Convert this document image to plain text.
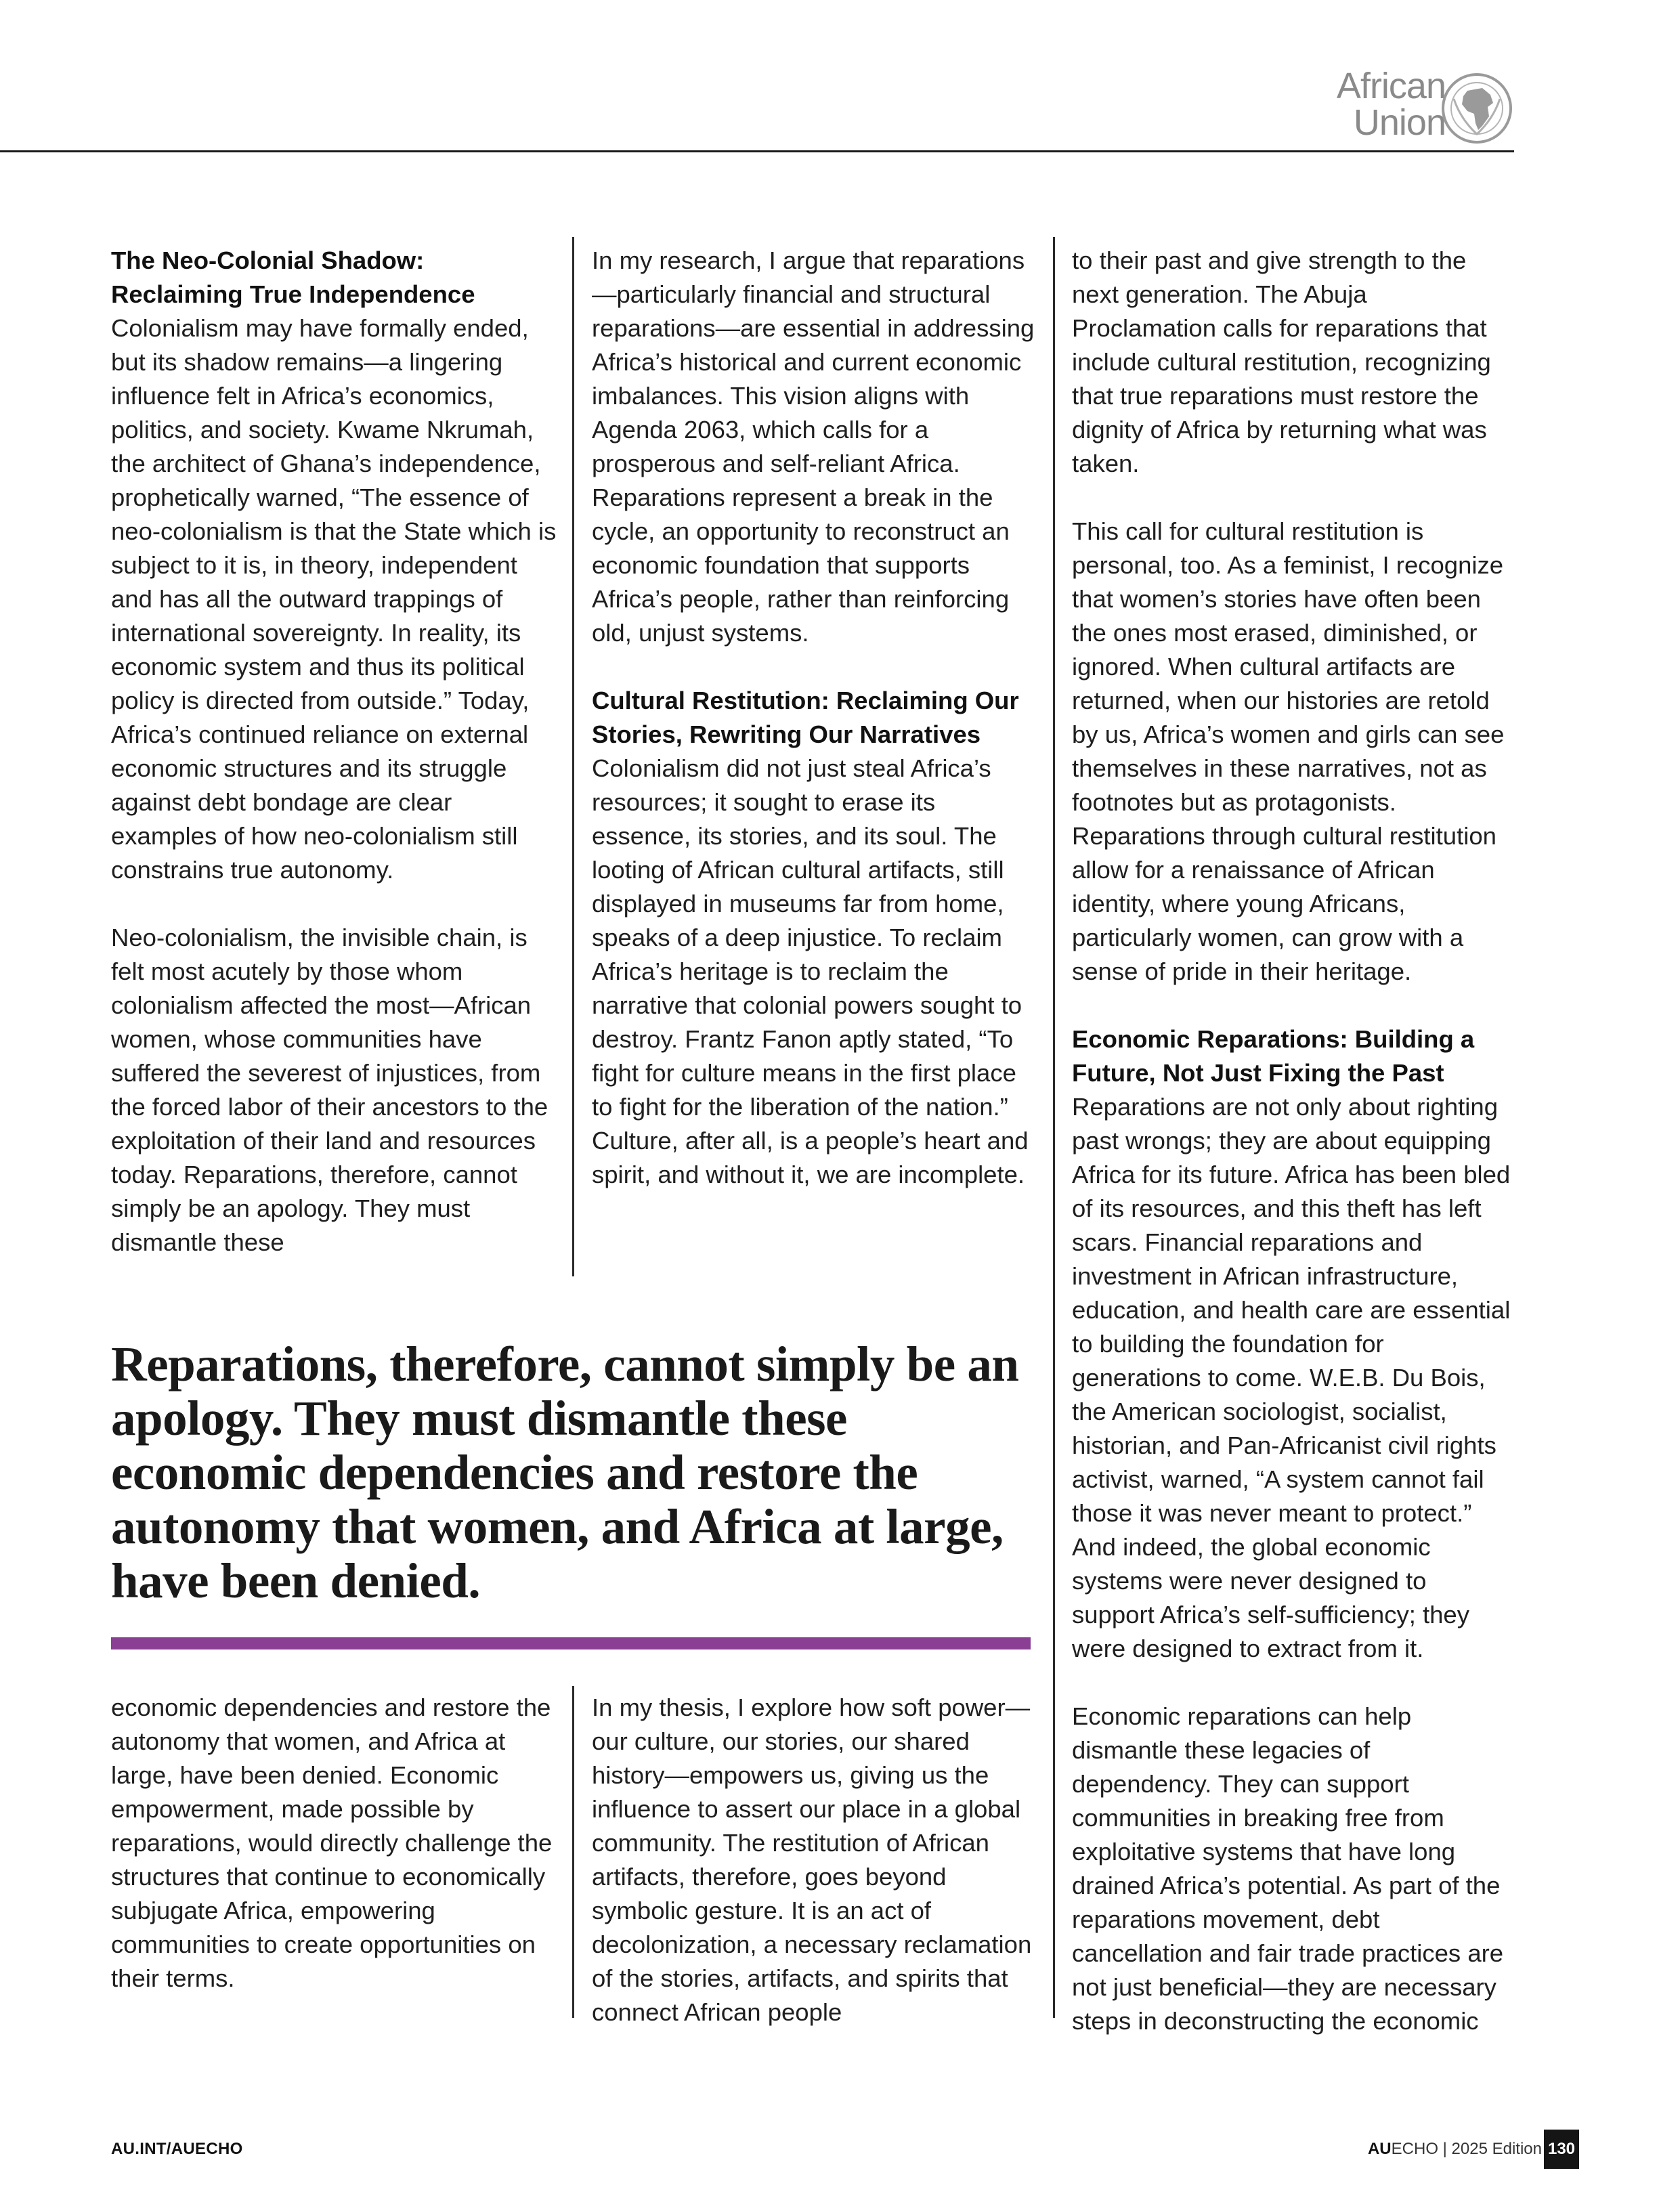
African
Union
The Neo-Colonial Shadow:
Reclaiming True Independence

Colonialism may have formally ended, but its shadow remains—a lingering influence felt in Africa’s economics, politics, and society. Kwame Nkrumah, the architect of Ghana’s independence, prophetically warned, “The essence of neo-colonialism is that the State which is subject to it is, in theory, independent and has all the outward trappings of international sovereignty. In reality, its economic system and thus its political policy is directed from outside.” Today, Africa’s continued reliance on external economic structures and its struggle against debt bondage are clear examples of how neo-colonialism still constrains true autonomy.

Neo-colonialism, the invisible chain, is felt most acutely by those whom colonialism affected the most—African women, whose communities have suffered the severest of injustices, from the forced labor of their ancestors to the exploitation of their land and resources today. Reparations, therefore, cannot simply be an apology. They must dismantle these

In my research, I argue that reparations—particularly financial and structural reparations—are essential in addressing Africa’s historical and current economic imbalances. This vision aligns with Agenda 2063, which calls for a prosperous and self-reliant Africa. Reparations represent a break in the cycle, an opportunity to reconstruct an economic foundation that supports Africa’s people, rather than reinforcing old, unjust systems.

Cultural Restitution: Reclaiming Our
Stories, Rewriting Our Narratives

Colonialism did not just steal Africa’s resources; it sought to erase its essence, its stories, and its soul. The looting of African cultural artifacts, still displayed in museums far from home, speaks of a deep injustice. To reclaim Africa’s heritage is to reclaim the narrative that colonial powers sought to destroy. Frantz Fanon aptly stated, “To fight for culture means in the first place to fight for the liberation of the nation.” Culture, after all, is a people’s heart and spirit, and without it, we are incomplete.

to their past and give strength to the next generation. The Abuja Proclamation calls for reparations that include cultural restitution, recognizing that true reparations must restore the dignity of Africa by returning what was taken.

This call for cultural restitution is personal, too. As a feminist, I recognize that women’s stories have often been the ones most erased, diminished, or ignored. When cultural artifacts are returned, when our histories are retold by us, Africa’s women and girls can see themselves in these narratives, not as footnotes but as protagonists. Reparations through cultural restitution allow for a renaissance of African identity, where young Africans, particularly women, can grow with a sense of pride in their heritage.

Economic Reparations: Building a
Future, Not Just Fixing the Past

Reparations are not only about righting past wrongs; they are about equipping Africa for its future. Africa has been bled of its resources, and this theft has left scars. Financial reparations and investment in African infrastructure, education, and health care are essential to building the foundation for generations to come. W.E.B. Du Bois, the American sociologist, socialist, historian, and Pan-Africanist civil rights activist, warned, “A system cannot fail those it was never meant to protect.” And indeed, the global economic systems were never designed to support Africa’s self-sufficiency; they were designed to extract from it.

Economic reparations can help dismantle these legacies of dependency. They can support communities in breaking free from exploitative systems that have long drained Africa’s potential. As part of the reparations movement, debt cancellation and fair trade practices are not just beneficial—they are necessary steps in deconstructing the economic

Reparations, therefore, cannot simply be an apology. They must dismantle these economic dependencies and restore the autonomy that women, and Africa at large, have been denied.

economic dependencies and restore the autonomy that women, and Africa at large, have been denied. Economic empowerment, made possible by reparations, would directly challenge the structures that continue to economically subjugate Africa, empowering communities to create opportunities on their terms.

In my thesis, I explore how soft power—our culture, our stories, our shared history—empowers us, giving us the influence to assert our place in a global community. The restitution of African artifacts, therefore, goes beyond symbolic gesture. It is an act of decolonization, a necessary reclamation of the stories, artifacts, and spirits that connect African people

AU.INT/AUECHO	AUECHO | 2025 Edition 130
